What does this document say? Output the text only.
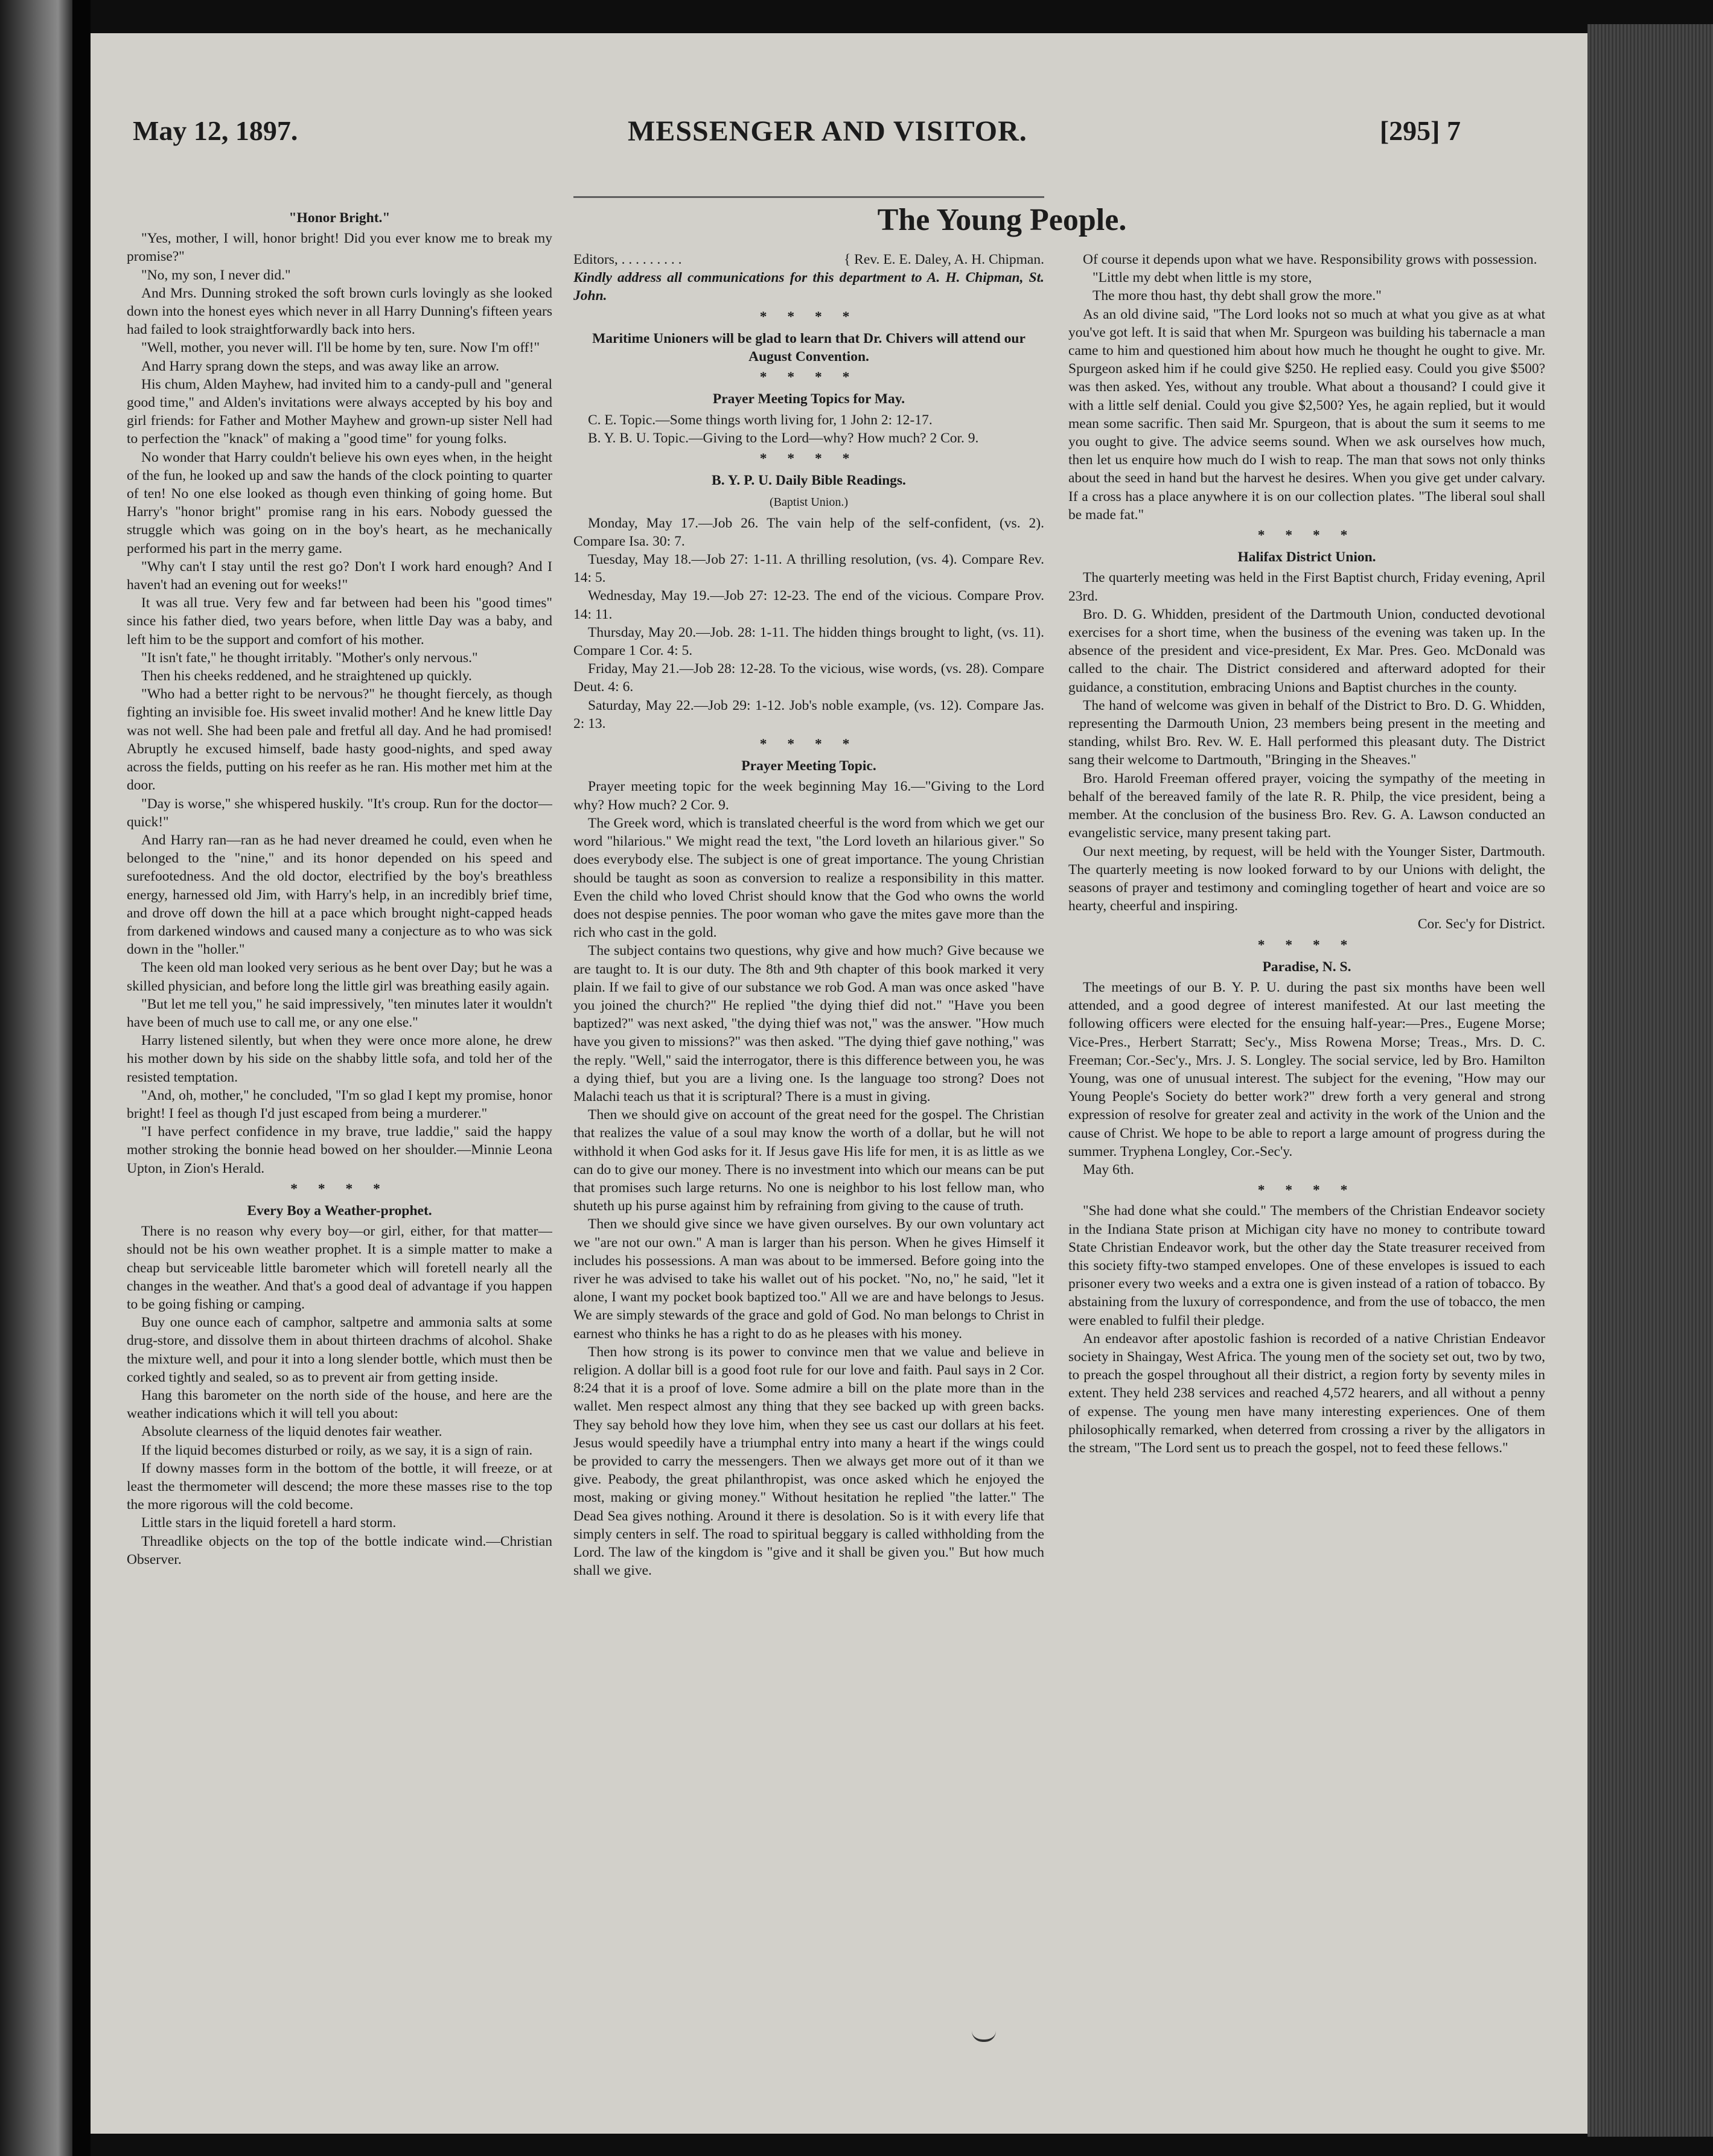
May 12, 1897.	MESSENGER AND VISITOR.	[295] 7
The Young People.

"Honor Bright."

"Yes, mother, I will, honor bright! Did you ever know me to break my promise?"

"No, my son, I never did."

And Mrs. Dunning stroked the soft brown curls lovingly as she looked down into the honest eyes which never in all Harry Dunning's fifteen years had failed to look straightforwardly back into hers.

"Well, mother, you never will. I'll be home by ten, sure. Now I'm off!"

And Harry sprang down the steps, and was away like an arrow.

His chum, Alden Mayhew, had invited him to a candy-pull and "general good time," and Alden's invitations were always accepted by his boy and girl friends: for Father and Mother Mayhew and grown-up sister Nell had to perfection the "knack" of making a "good time" for young folks.

No wonder that Harry couldn't believe his own eyes when, in the height of the fun, he looked up and saw the hands of the clock pointing to quarter of ten! No one else looked as though even thinking of going home. But Harry's "honor bright" promise rang in his ears. Nobody guessed the struggle which was going on in the boy's heart, as he mechanically performed his part in the merry game.

"Why can't I stay until the rest go? Don't I work hard enough? And I haven't had an evening out for weeks!"

It was all true. Very few and far between had been his "good times" since his father died, two years before, when little Day was a baby, and left him to be the support and comfort of his mother.

"It isn't fate," he thought irritably. "Mother's only nervous."

Then his cheeks reddened, and he straightened up quickly.

"Who had a better right to be nervous?" he thought fiercely, as though fighting an invisible foe. His sweet invalid mother! And he knew little Day was not well. She had been pale and fretful all day. And he had promised! Abruptly he excused himself, bade hasty good-nights, and sped away across the fields, putting on his reefer as he ran. His mother met him at the door.

"Day is worse," she whispered huskily. "It's croup. Run for the doctor—quick!"

And Harry ran—ran as he had never dreamed he could, even when he belonged to the "nine," and its honor depended on his speed and surefootedness. And the old doctor, electrified by the boy's breathless energy, harnessed old Jim, with Harry's help, in an incredibly brief time, and drove off down the hill at a pace which brought night-capped heads from darkened windows and caused many a conjecture as to who was sick down in the "holler."

The keen old man looked very serious as he bent over Day; but he was a skilled physician, and before long the little girl was breathing easily again.

"But let me tell you," he said impressively, "ten minutes later it wouldn't have been of much use to call me, or any one else."

Harry listened silently, but when they were once more alone, he drew his mother down by his side on the shabby little sofa, and told her of the resisted temptation.

"And, oh, mother," he concluded, "I'm so glad I kept my promise, honor bright! I feel as though I'd just escaped from being a murderer."

"I have perfect confidence in my brave, true laddie," said the happy mother stroking the bonnie head bowed on her shoulder.—Minnie Leona Upton, in Zion's Herald.

* * * *

Every Boy a Weather-prophet.

There is no reason why every boy—or girl, either, for that matter—should not be his own weather prophet. It is a simple matter to make a cheap but serviceable little barometer which will foretell nearly all the changes in the weather. And that's a good deal of advantage if you happen to be going fishing or camping.

Buy one ounce each of camphor, saltpetre and ammonia salts at some drug-store, and dissolve them in about thirteen drachms of alcohol. Shake the mixture well, and pour it into a long slender bottle, which must then be corked tightly and sealed, so as to prevent air from getting inside.

Hang this barometer on the north side of the house, and here are the weather indications which it will tell you about:

Absolute clearness of the liquid denotes fair weather.

If the liquid becomes disturbed or roily, as we say, it is a sign of rain.

If downy masses form in the bottom of the bottle, it will freeze, or at least the thermometer will descend; the more these masses rise to the top the more rigorous will the cold become.

Little stars in the liquid foretell a hard storm.

Threadlike objects on the top of the bottle indicate wind.—Christian Observer.

Editors, . . . . . . . . .	{ Rev. E. E. Daley, A. H. Chipman.

Kindly address all communications for this department to A. H. Chipman, St. John.

* * * *

Maritime Unioners will be glad to learn that Dr. Chivers will attend our August Convention.

* * * *

Prayer Meeting Topics for May.

C. E. Topic.—Some things worth living for, 1 John 2: 12-17.

B. Y. B. U. Topic.—Giving to the Lord—why? How much? 2 Cor. 9.

* * * *

B. Y. P. U. Daily Bible Readings.

(Baptist Union.)

Monday, May 17.—Job 26. The vain help of the self-confident, (vs. 2). Compare Isa. 30: 7.

Tuesday, May 18.—Job 27: 1-11. A thrilling resolution, (vs. 4). Compare Rev. 14: 5.

Wednesday, May 19.—Job 27: 12-23. The end of the vicious. Compare Prov. 14: 11.

Thursday, May 20.—Job. 28: 1-11. The hidden things brought to light, (vs. 11). Compare 1 Cor. 4: 5.

Friday, May 21.—Job 28: 12-28. To the vicious, wise words, (vs. 28). Compare Deut. 4: 6.

Saturday, May 22.—Job 29: 1-12. Job's noble example, (vs. 12). Compare Jas. 2: 13.

* * * *

Prayer Meeting Topic.

Prayer meeting topic for the week beginning May 16.—"Giving to the Lord why? How much? 2 Cor. 9.

The Greek word, which is translated cheerful is the word from which we get our word "hilarious." We might read the text, "the Lord loveth an hilarious giver." So does everybody else. The subject is one of great importance. The young Christian should be taught as soon as conversion to realize a responsibility in this matter. Even the child who loved Christ should know that the God who owns the world does not despise pennies. The poor woman who gave the mites gave more than the rich who cast in the gold.

The subject contains two questions, why give and how much? Give because we are taught to. It is our duty. The 8th and 9th chapter of this book marked it very plain. If we fail to give of our substance we rob God. A man was once asked "have you joined the church?" He replied "the dying thief did not." "Have you been baptized?" was next asked, "the dying thief was not," was the answer. "How much have you given to missions?" was then asked. "The dying thief gave nothing," was the reply. "Well," said the interrogator, there is this difference between you, he was a dying thief, but you are a living one. Is the language too strong? Does not Malachi teach us that it is scriptural? There is a must in giving.

Then we should give on account of the great need for the gospel. The Christian that realizes the value of a soul may know the worth of a dollar, but he will not withhold it when God asks for it. If Jesus gave His life for men, it is as little as we can do to give our money. There is no investment into which our means can be put that promises such large returns. No one is neighbor to his lost fellow man, who shuteth up his purse against him by refraining from giving to the cause of truth.

Then we should give since we have given ourselves. By our own voluntary act we "are not our own." A man is larger than his person. When he gives Himself it includes his possessions. A man was about to be immersed. Before going into the river he was advised to take his wallet out of his pocket. "No, no," he said, "let it alone, I want my pocket book baptized too." All we are and have belongs to Jesus. We are simply stewards of the grace and gold of God. No man belongs to Christ in earnest who thinks he has a right to do as he pleases with his money.

Then how strong is its power to convince men that we value and believe in religion. A dollar bill is a good foot rule for our love and faith. Paul says in 2 Cor. 8:24 that it is a proof of love. Some admire a bill on the plate more than in the wallet. Men respect almost any thing that they see backed up with green backs. They say behold how they love him, when they see us cast our dollars at his feet. Jesus would speedily have a triumphal entry into many a heart if the wings could be provided to carry the messengers. Then we always get more out of it than we give. Peabody, the great philanthropist, was once asked which he enjoyed the most, making or giving money." Without hesitation he replied "the latter." The Dead Sea gives nothing. Around it there is desolation. So is it with every life that simply centers in self. The road to spiritual beggary is called withholding from the Lord. The law of the kingdom is "give and it shall be given you." But how much shall we give.

Of course it depends upon what we have. Responsibility grows with possession.

"Little my debt when little is my store,

The more thou hast, thy debt shall grow the more."

As an old divine said, "The Lord looks not so much at what you give as at what you've got left. It is said that when Mr. Spurgeon was building his tabernacle a man came to him and questioned him about how much he thought he ought to give. Mr. Spurgeon asked him if he could give $250. He replied easy. Could you give $500? was then asked. Yes, without any trouble. What about a thousand? I could give it with a little self denial. Could you give $2,500? Yes, he again replied, but it would mean some sacrific. Then said Mr. Spurgeon, that is about the sum it seems to me you ought to give. The advice seems sound. When we ask ourselves how much, then let us enquire how much do I wish to reap. The man that sows not only thinks about the seed in hand but the harvest he desires. When you give get under calvary. If a cross has a place anywhere it is on our collection plates. "The liberal soul shall be made fat."

* * * *

Halifax District Union.

The quarterly meeting was held in the First Baptist church, Friday evening, April 23rd.

Bro. D. G. Whidden, president of the Dartmouth Union, conducted devotional exercises for a short time, when the business of the evening was taken up. In the absence of the president and vice-president, Ex Mar. Pres. Geo. McDonald was called to the chair. The District considered and afterward adopted for their guidance, a constitution, embracing Unions and Baptist churches in the county.

The hand of welcome was given in behalf of the District to Bro. D. G. Whidden, representing the Darmouth Union, 23 members being present in the meeting and standing, whilst Bro. Rev. W. E. Hall performed this pleasant duty. The District sang their welcome to Dartmouth, "Bringing in the Sheaves."

Bro. Harold Freeman offered prayer, voicing the sympathy of the meeting in behalf of the bereaved family of the late R. R. Philp, the vice president, being a member. At the conclusion of the business Bro. Rev. G. A. Lawson conducted an evangelistic service, many present taking part.

Our next meeting, by request, will be held with the Younger Sister, Dartmouth. The quarterly meeting is now looked forward to by our Unions with delight, the seasons of prayer and testimony and comingling together of heart and voice are so hearty, cheerful and inspiring.

Cor. Sec'y for District.

* * * *

Paradise, N. S.

The meetings of our B. Y. P. U. during the past six months have been well attended, and a good degree of interest manifested. At our last meeting the following officers were elected for the ensuing half-year:—Pres., Eugene Morse; Vice-Pres., Herbert Starratt; Sec'y., Miss Rowena Morse; Treas., Mrs. D. C. Freeman; Cor.-Sec'y., Mrs. J. S. Longley. The social service, led by Bro. Hamilton Young, was one of unusual interest. The subject for the evening, "How may our Young People's Society do better work?" drew forth a very general and strong expression of resolve for greater zeal and activity in the work of the Union and the cause of Christ. We hope to be able to report a large amount of progress during the summer. Tryphena Longley, Cor.-Sec'y.

May 6th.

* * * *

"She had done what she could." The members of the Christian Endeavor society in the Indiana State prison at Michigan city have no money to contribute toward State Christian Endeavor work, but the other day the State treasurer received from this society fifty-two stamped envelopes. One of these envelopes is issued to each prisoner every two weeks and a extra one is given instead of a ration of tobacco. By abstaining from the luxury of correspondence, and from the use of tobacco, the men were enabled to fulfil their pledge.

An endeavor after apostolic fashion is recorded of a native Christian Endeavor society in Shaingay, West Africa. The young men of the society set out, two by two, to preach the gospel throughout all their district, a region forty by seventy miles in extent. They held 238 services and reached 4,572 hearers, and all without a penny of expense. The young men have many interesting experiences. One of them philosophically remarked, when deterred from crossing a river by the alligators in the stream, "The Lord sent us to preach the gospel, not to feed these fellows."
